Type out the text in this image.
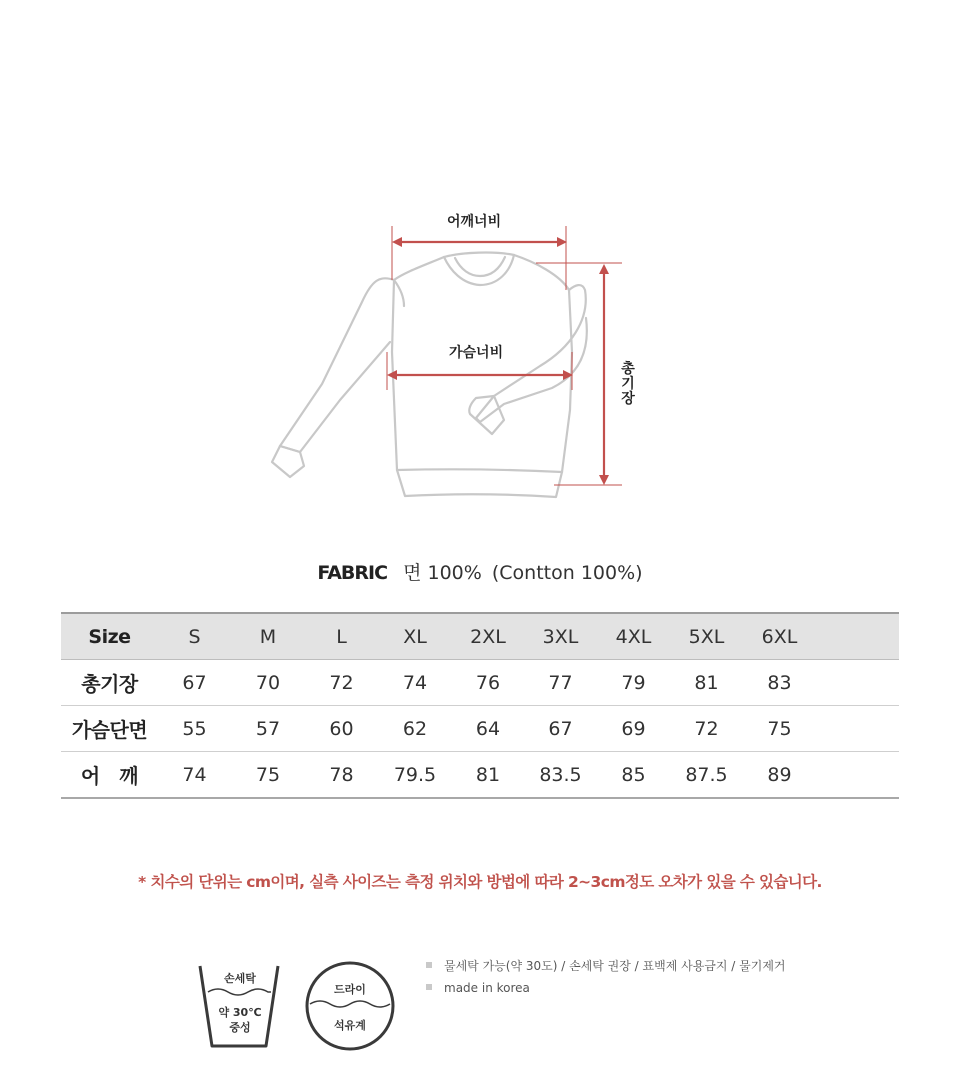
어깨너비
가슴너비
총기장
FABRIC 면 100% (Contton 100%)
Size	S	M	L	XL	2XL	3XL	4XL	5XL	6XL	
총기장	67	70	72	74	76	77	79	81	83	
가슴단면	55	57	60	62	64	67	69	72	75	
어　깨	74	75	78	79.5	81	83.5	85	87.5	89	
* 치수의 단위는 cm이며, 실측 사이즈는 측정 위치와 방법에 따라 2~3cm정도 오차가 있을 수 있습니다.
손세탁
약 30℃
중성
드라이
석유계
물세탁 가능(약 30도) / 손세탁 권장 / 표백제 사용금지 / 물기제거
made in korea
